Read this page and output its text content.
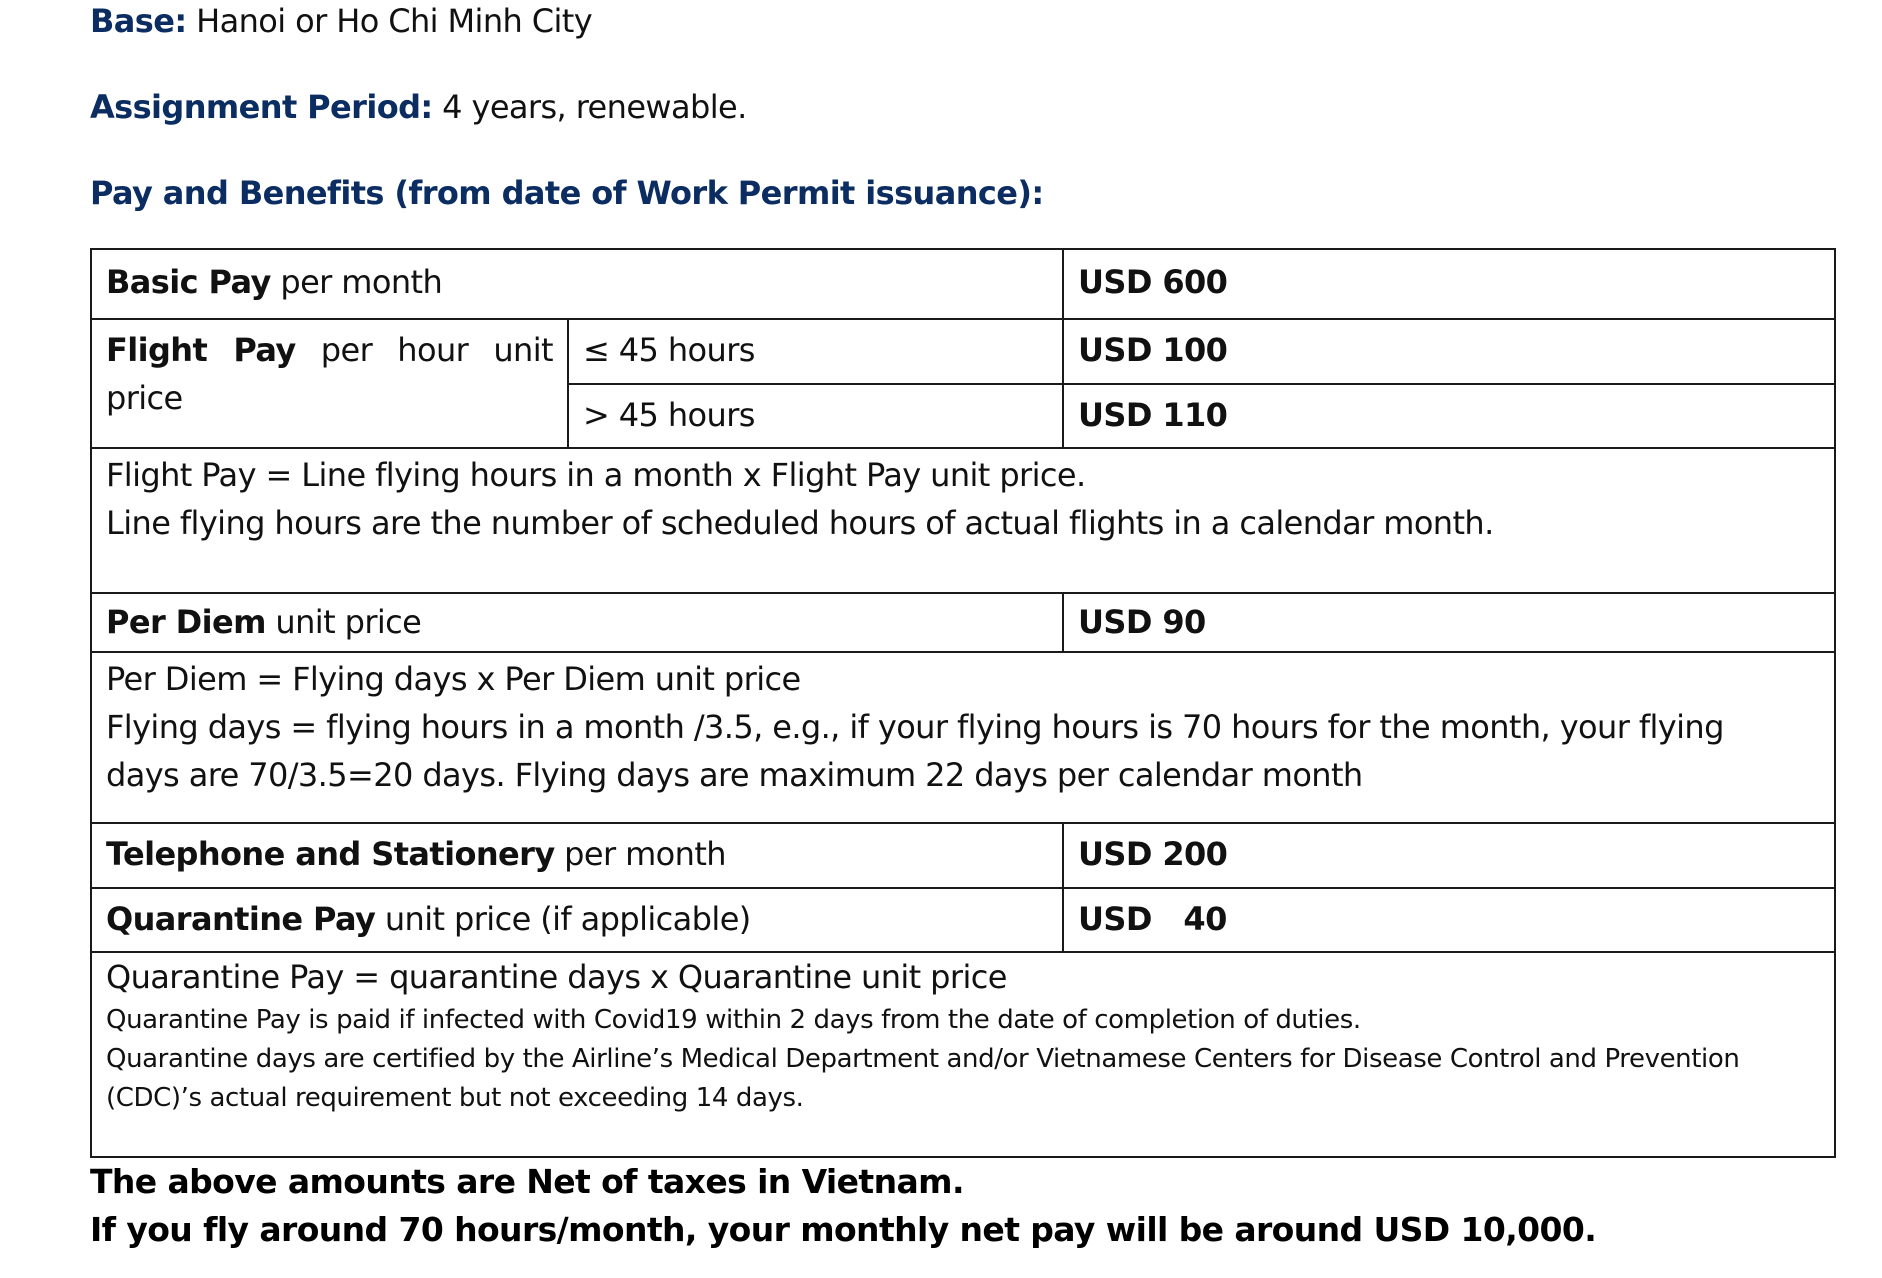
Base: Hanoi or Ho Chi Minh City
Assignment Period: 4 years, renewable.
Pay and Benefits (from date of Work Permit issuance):
Basic Pay per month		USD 600

Flight Pay per hour unit
price	≤ 45 hours	USD 100
	> 45 hours	USD 110

Flight Pay = Line flying hours in a month x Flight Pay unit price.
Line flying hours are the number of scheduled hours of actual flights in a calendar month.		

Per Diem unit price		USD 90

Per Diem = Flying days x Per Diem unit price
Flying days = flying hours in a month /3.5, e.g., if your flying hours is 70 hours for the month, your flying
days are 70/3.5=20 days. Flying days are maximum 22 days per calendar month		

Telephone and Stationery per month		USD 200
Quarantine Pay unit price (if applicable)	USD   40

Quarantine Pay = quarantine days x Quarantine unit price
Quarantine Pay is paid if infected with Covid19 within 2 days from the date of completion of duties.
Quarantine days are certified by the Airline’s Medical Department and/or Vietnamese Centers for Disease Control and Prevention
(CDC)’s actual requirement but not exceeding 14 days.		
The above amounts are Net of taxes in Vietnam.
If you fly around 70 hours/month, your monthly net pay will be around USD 10,000.
